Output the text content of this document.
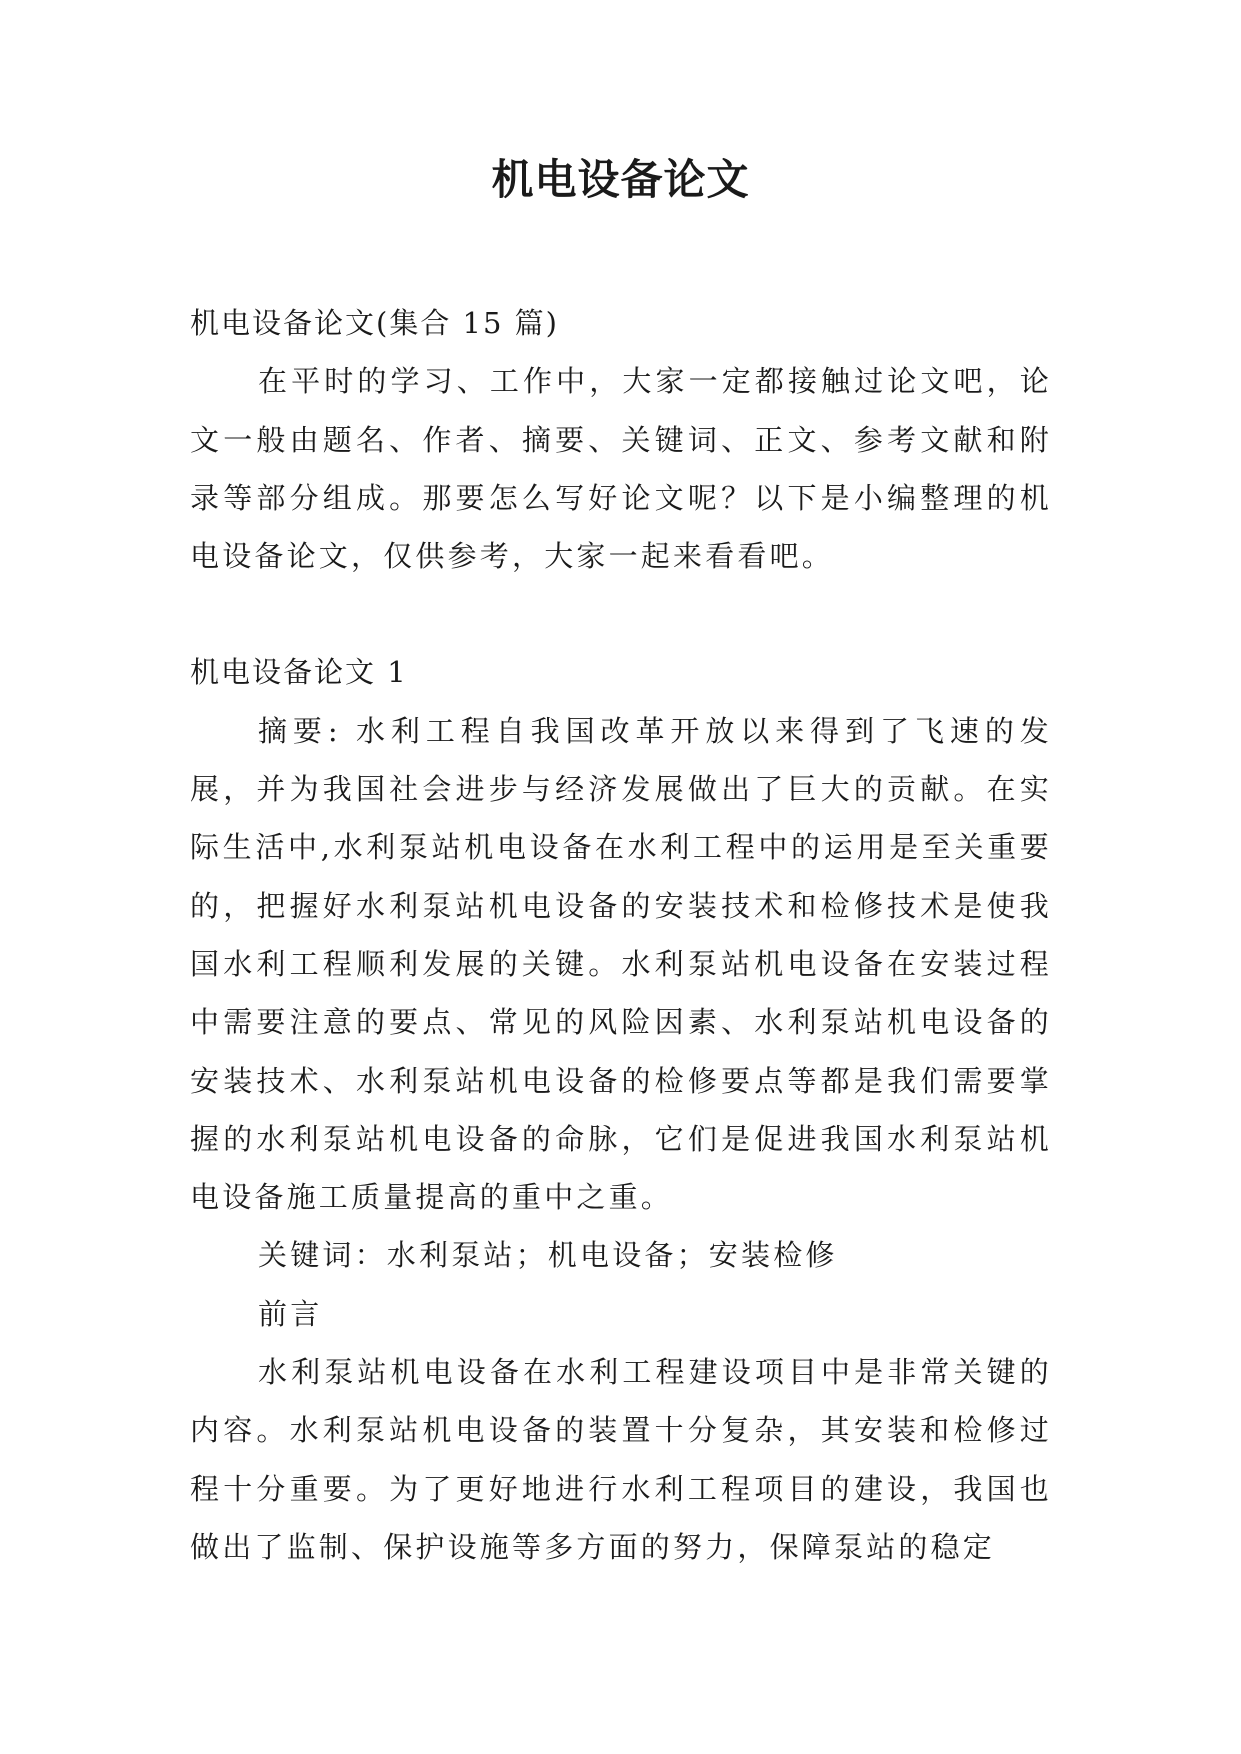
机电设备论文

机电设备论文(集合 15 篇)

在平时的学习、工作中，大家一定都接触过论文吧，论文一般由题名、作者、摘要、关键词、正文、参考文献和附录等部分组成。那要怎么写好论文呢？以下是小编整理的机电设备论文，仅供参考，大家一起来看看吧。

机电设备论文 1

摘要: 水利工程自我国改革开放以来得到了飞速的发展，并为我国社会进步与经济发展做出了巨大的贡献。在实际生活中,水利泵站机电设备在水利工程中的运用是至关重要的，把握好水利泵站机电设备的安装技术和检修技术是使我国水利工程顺利发展的关键。水利泵站机电设备在安装过程中需要注意的要点、常见的风险因素、水利泵站机电设备的安装技术、水利泵站机电设备的检修要点等都是我们需要掌握的水利泵站机电设备的命脉，它们是促进我国水利泵站机电设备施工质量提高的重中之重。

关键词：水利泵站；机电设备；安装检修

前言

水利泵站机电设备在水利工程建设项目中是非常关键的内容。水利泵站机电设备的装置十分复杂，其安装和检修过程十分重要。为了更好地进行水利工程项目的建设，我国也做出了监制、保护设施等多方面的努力，保障泵站的稳定
